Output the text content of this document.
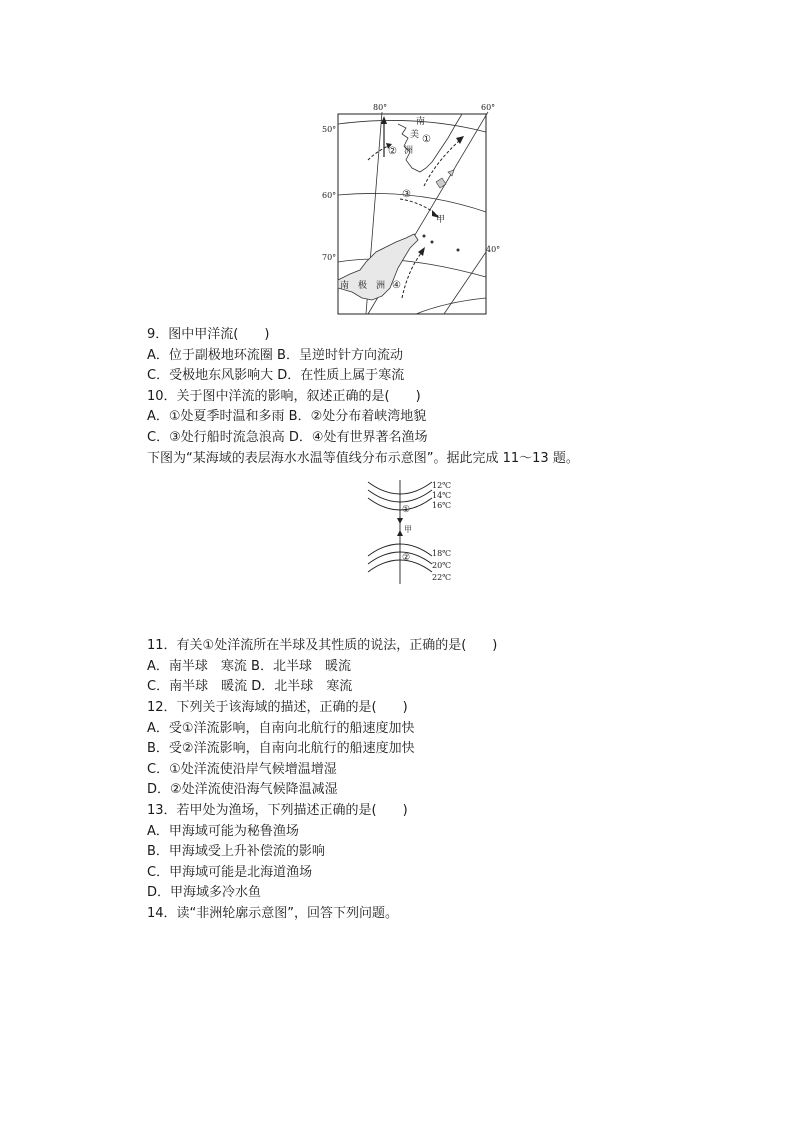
80°	60°
40°
50°
60°
70°
南
美
洲
①
②
③
甲
南 极 洲 ④
12℃
14℃
16℃
甲
①
②	18℃
20℃
22℃
9．图中甲洋流(　　)
A．位于副极地环流圈 B．呈逆时针方向流动
C．受极地东风影响大 D．在性质上属于寒流
10．关于图中洋流的影响，叙述正确的是(　　)
A．①处夏季时温和多雨 B．②处分布着峡湾地貌
C．③处行船时流急浪高 D．④处有世界著名渔场
下图为“某海域的表层海水水温等值线分布示意图”。据此完成 11～13 题。
11．有关①处洋流所在半球及其性质的说法，正确的是(　　)
A．南半球　寒流 B．北半球　暖流
C．南半球　暖流 D．北半球　寒流
12．下列关于该海域的描述，正确的是(　　)
A．受①洋流影响，自南向北航行的船速度加快
B．受②洋流影响，自南向北航行的船速度加快
C．①处洋流使沿岸气候增温增湿
D．②处洋流使沿海气候降温减湿
13．若甲处为渔场，下列描述正确的是(　　)
A．甲海域可能为秘鲁渔场
B．甲海域受上升补偿流的影响
C．甲海域可能是北海道渔场
D．甲海域多冷水鱼
14．读“非洲轮廓示意图”，回答下列问题。
